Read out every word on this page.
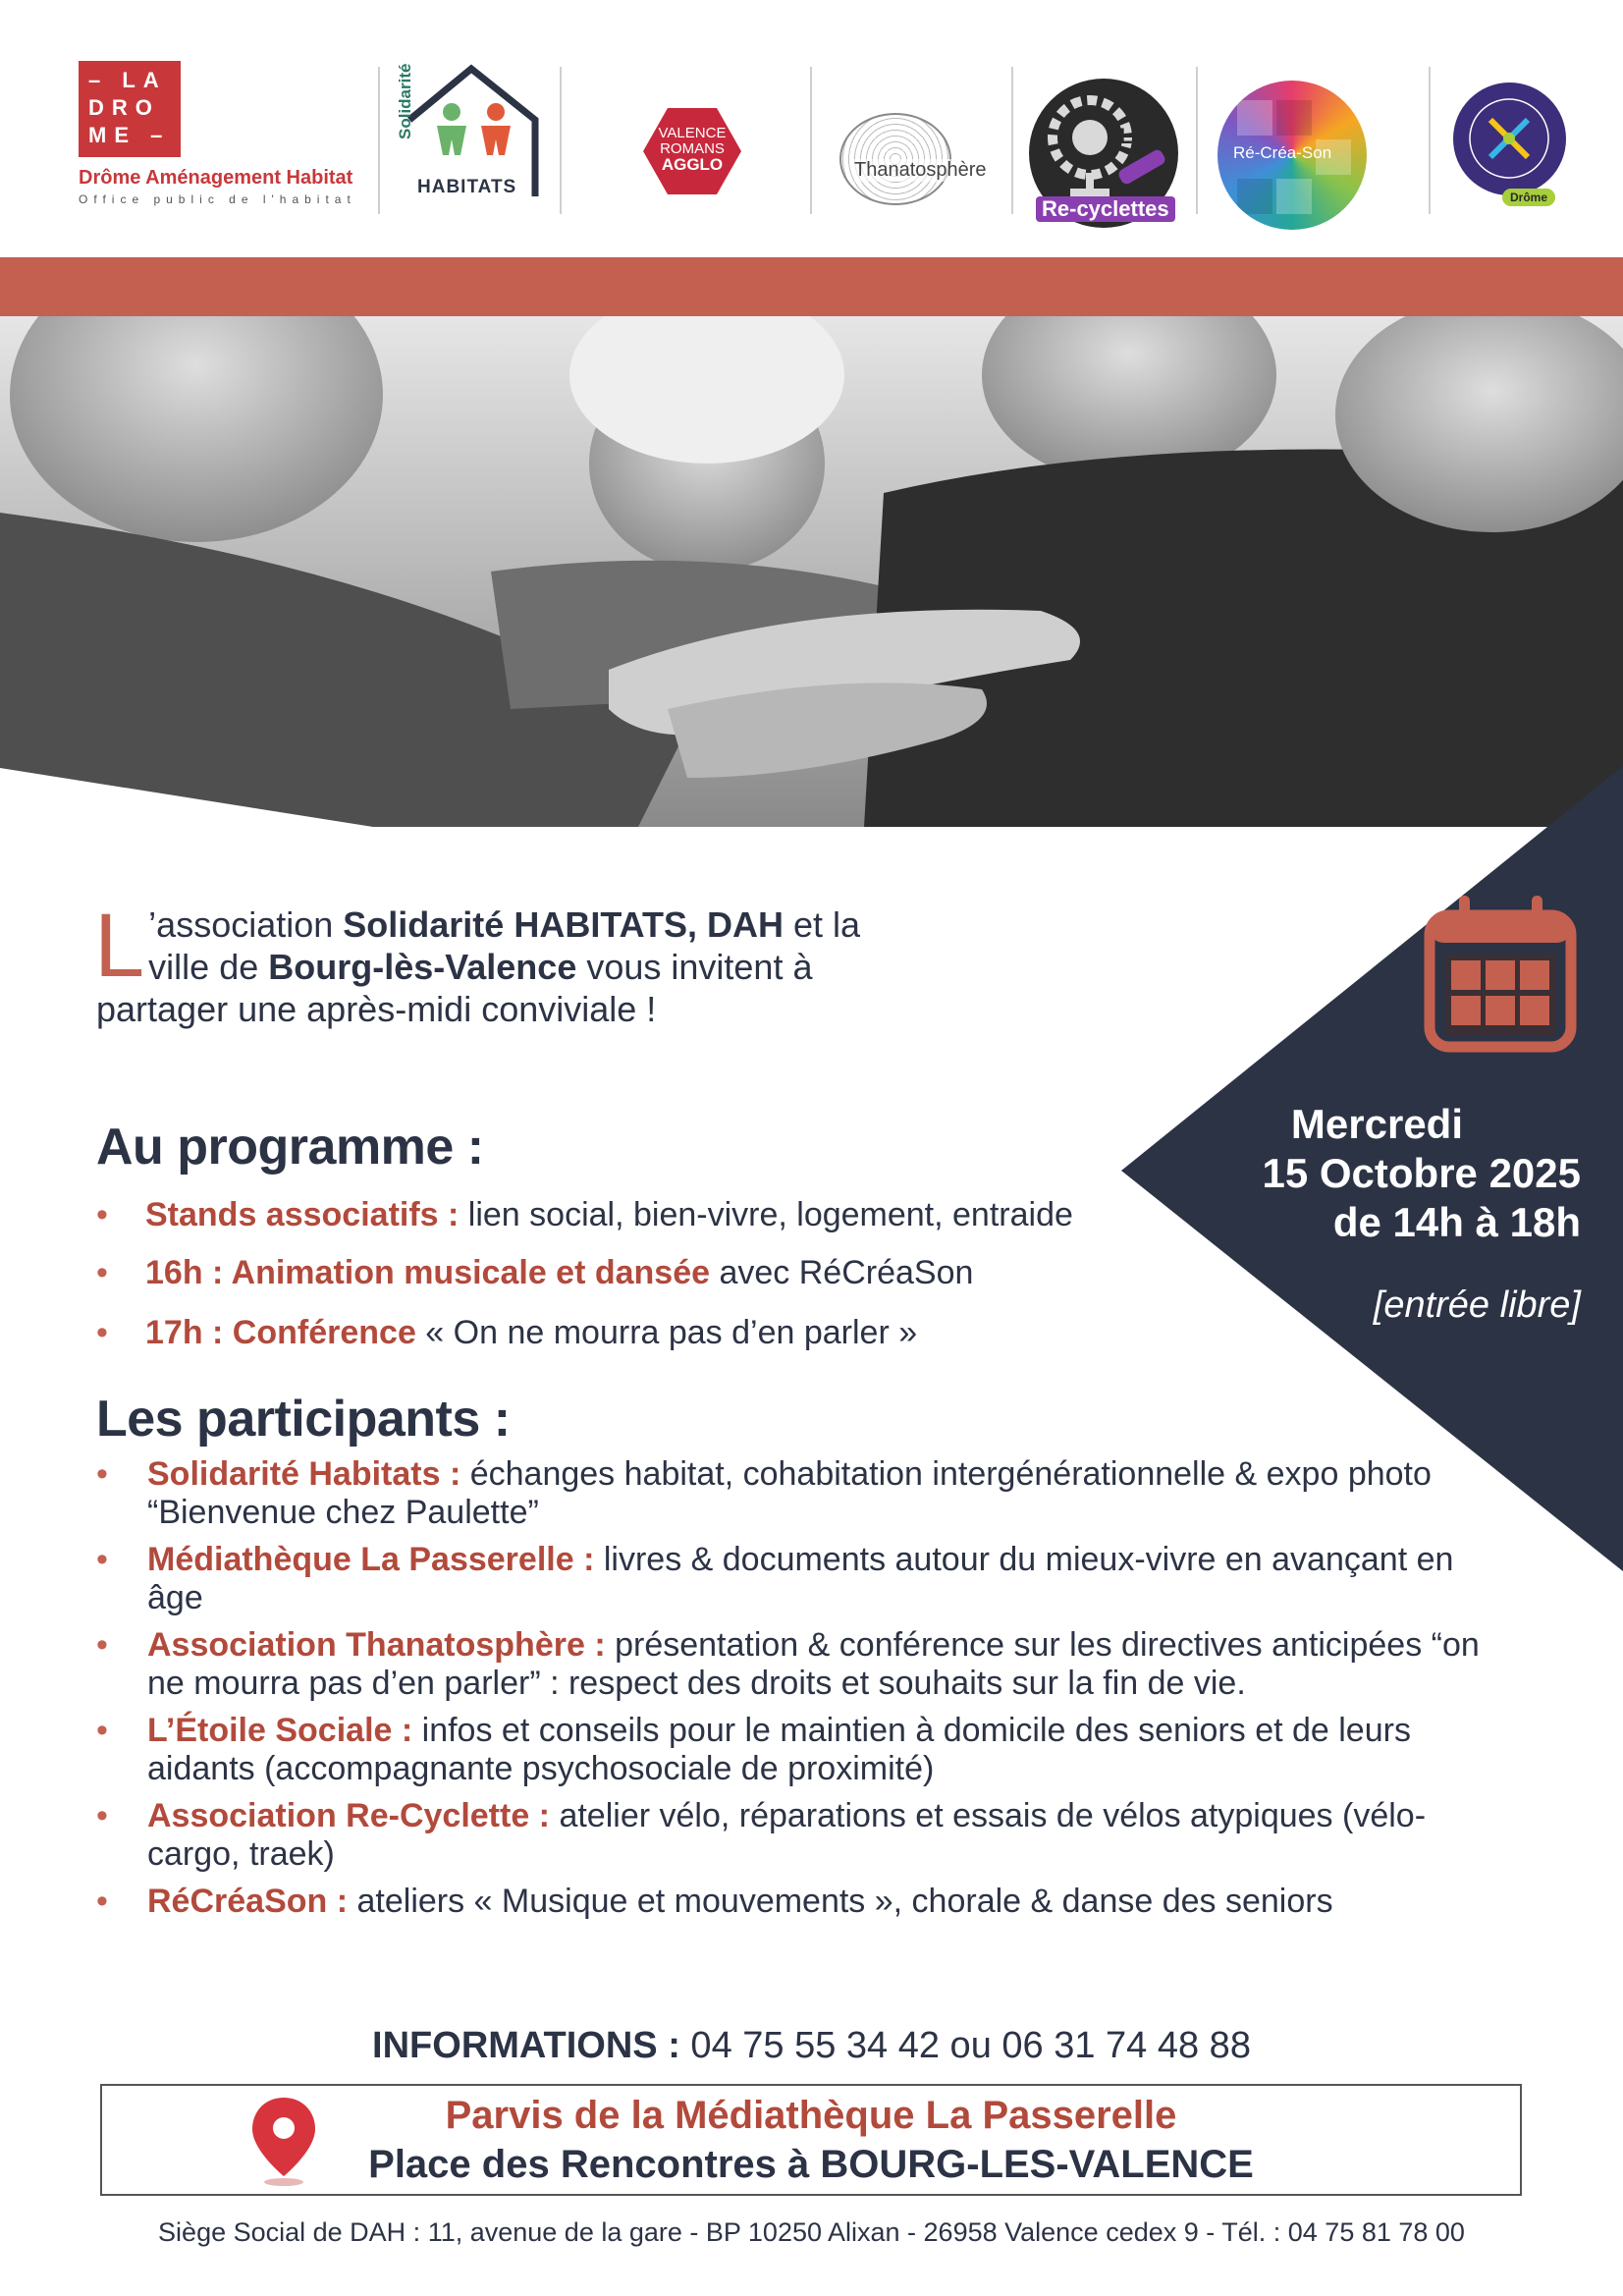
– LA
DRO
ME –
Drôme Aménagement Habitat
Office public de l'habitat
Solidarité
HABITATS
VALENCE
ROMANS
AGGLO	Thanatosphère
Les
Re-cyclettes
Ré-Créa-Son
Drôme
Mercredi
15 Octobre 2025
de 14h à 18h
[entrée libre]
L ’association Solidarité HABITATS, DAH et la ville de Bourg-lès-Valence vous invitent à partager une après-midi conviviale !
Au programme :
• Stands associatifs : lien social, bien-vivre, logement, entraide
• 16h : Animation musicale et dansée avec RéCréaSon
• 17h : Conférence « On ne mourra pas d’en parler »
Les participants :
• Solidarité Habitats : échanges habitat, cohabitation intergénérationnelle & expo photo “Bienvenue chez Paulette”
• Médiathèque La Passerelle : livres & documents autour du mieux-vivre en avançant en âge
• Association Thanatosphère : présentation & conférence sur les directives anticipées “on ne mourra pas d’en parler” : respect des droits et souhaits sur la fin de vie.
• L’Étoile Sociale : infos et conseils pour le maintien à domicile des seniors et de leurs aidants (accompagnante psychosociale de proximité)
• Association Re-Cyclette : atelier vélo, réparations et essais de vélos atypiques (vélo-cargo, traek)
• RéCréaSon : ateliers « Musique et mouvements », chorale & danse des seniors
INFORMATIONS : 04 75 55 34 42 ou 06 31 74 48 88
Parvis de la Médiathèque La Passerelle
Place des Rencontres à BOURG-LES-VALENCE
Siège Social de DAH : 11, avenue de la gare - BP 10250 Alixan - 26958 Valence cedex 9 - Tél. : 04 75 81 78 00
